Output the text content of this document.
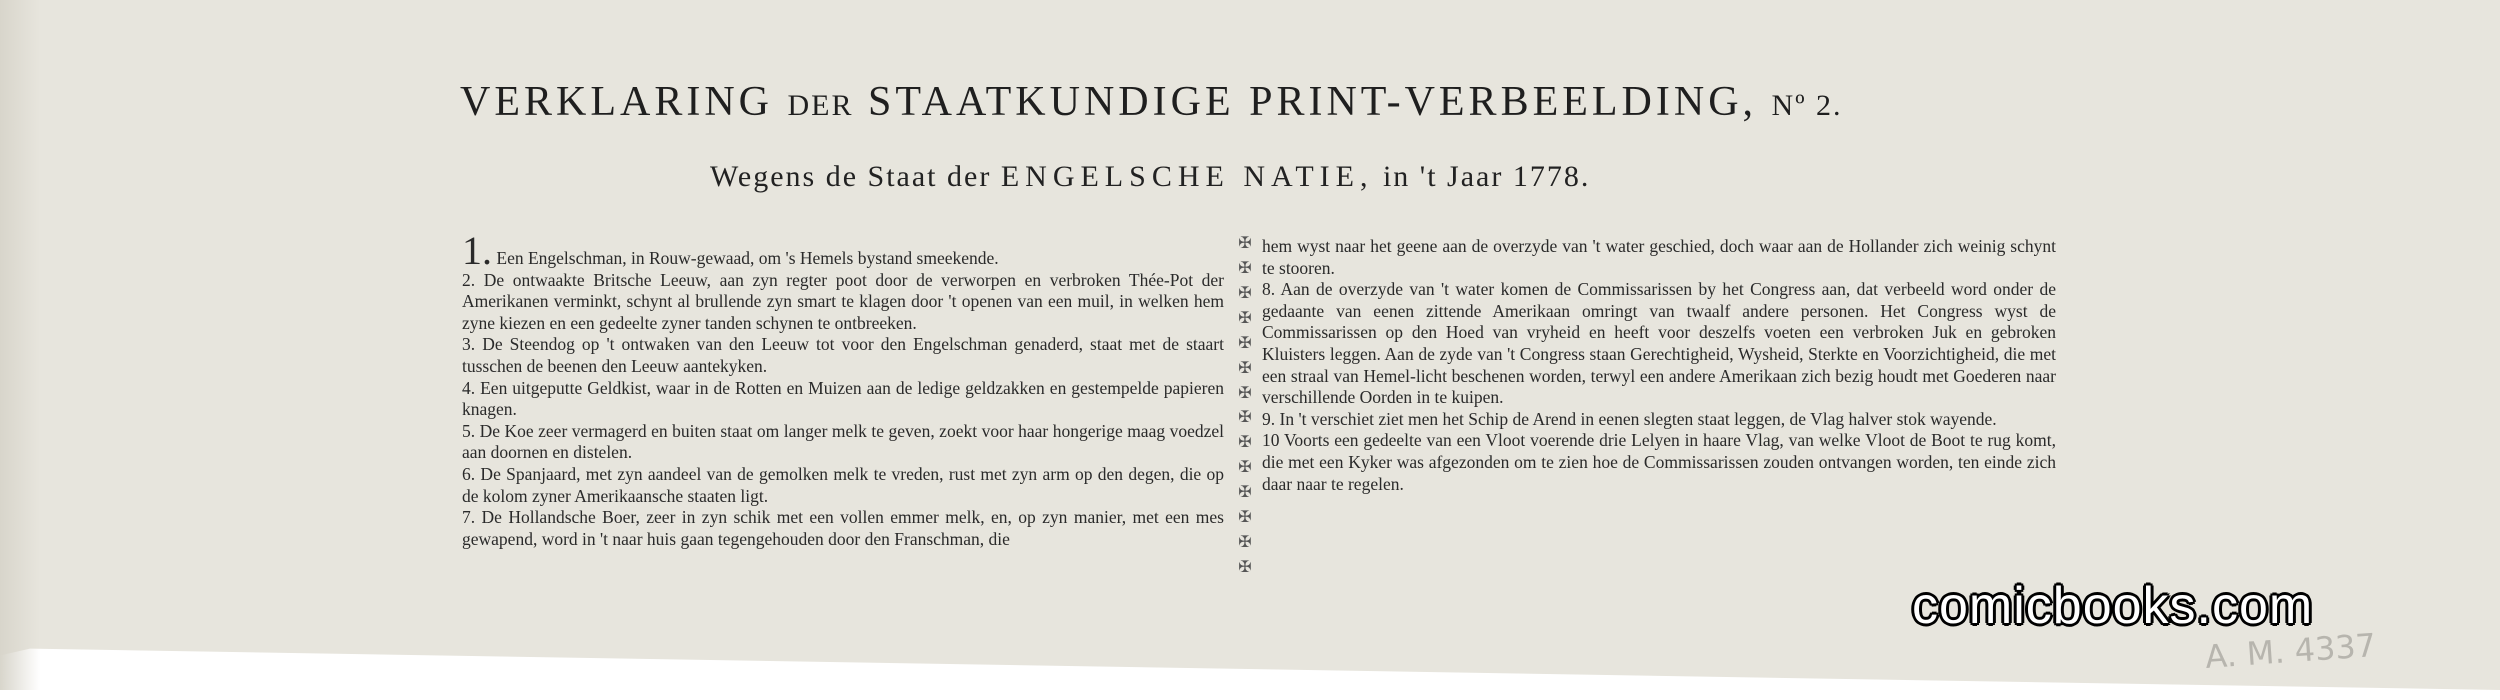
VERKLARING DER STAATKUNDIGE PRINT-VERBEELDING, Nº 2.
Wegens de Staat der ENGELSCHE NATIE, in 't Jaar 1778.

1. Een Engelschman, in Rouw-gewaad, om 's Hemels bystand smeekende.

2. De ontwaakte Britsche Leeuw, aan zyn regter poot door de verworpen en verbroken Thée-Pot der Amerikanen verminkt, schynt al brullende zyn smart te klagen door 't openen van een muil, in welken hem zyne kiezen en een gedeelte zyner tanden schynen te ontbreeken.

3. De Steendog op 't ontwaken van den Leeuw tot voor den Engelschman genaderd, staat met de staart tusschen de beenen den Leeuw aantekyken.

4. Een uitgeputte Geldkist, waar in de Rotten en Muizen aan de ledige geldzakken en gestempelde papieren knagen.

5. De Koe zeer vermagerd en buiten staat om langer melk te geven, zoekt voor haar hongerige maag voedzel aan doornen en distelen.

6. De Spanjaard, met zyn aandeel van de gemolken melk te vreden, rust met zyn arm op den degen, die op de kolom zyner Amerikaansche staaten ligt.

7. De Hollandsche Boer, zeer in zyn schik met een vollen emmer melk, en, op zyn manier, met een mes gewapend, word in 't naar huis gaan tegengehouden door den Franschman, die

✠
✠
✠
✠
✠
✠
✠
✠
✠
✠
✠
✠
✠
✠

hem wyst naar het geene aan de overzyde van 't water geschied, doch waar aan de Hollander zich weinig schynt te stooren.

8. Aan de overzyde van 't water komen de Commissarissen by het Congress aan, dat verbeeld word onder de gedaante van eenen zittende Amerikaan omringt van twaalf andere personen. Het Congress wyst de Commissarissen op den Hoed van vryheid en heeft voor deszelfs voeten een verbroken Juk en gebroken Kluisters leggen. Aan de zyde van 't Congress staan Gerechtigheid, Wysheid, Sterkte en Voorzichtigheid, die met een straal van Hemel-licht beschenen worden, terwyl een andere Amerikaan zich bezig houdt met Goederen naar verschillende Oorden in te kuipen.

9. In 't verschiet ziet men het Schip de Arend in eenen slegten staat leggen, de Vlag halver stok wayende.

10 Voorts een gedeelte van een Vloot voerende drie Lelyen in haare Vlag, van welke Vloot de Boot te rug komt, die met een Kyker was afgezonden om te zien hoe de Commissarissen zouden ontvangen worden, ten einde zich daar naar te regelen.

comicbooks.com
A. M. 4337
